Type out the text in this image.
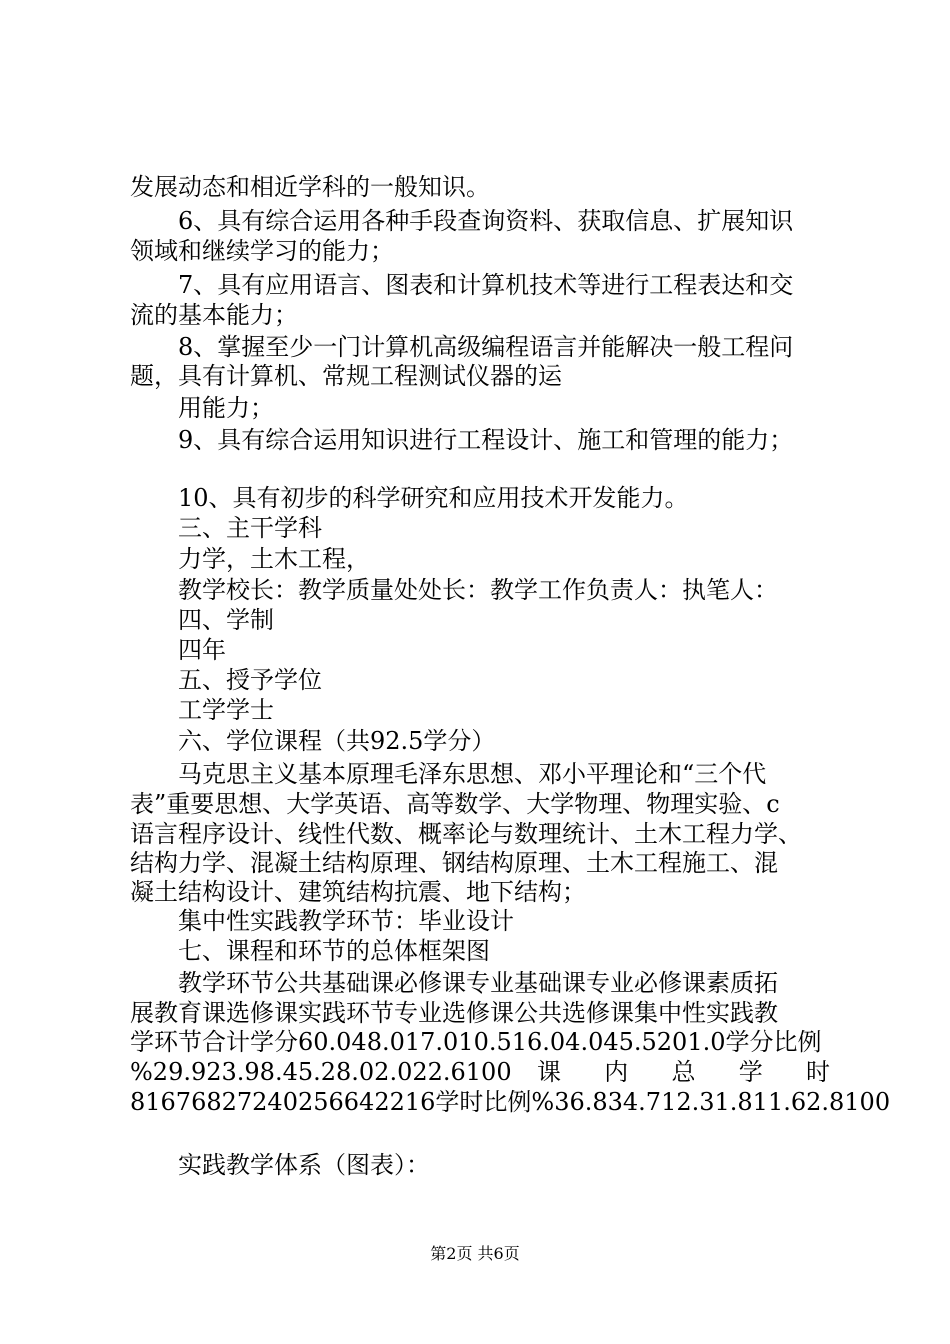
发展动态和相近学科的一般知识。

6、具有综合运用各种手段查询资料、获取信息、扩展知识

领域和继续学习的能力；

7、具有应用语言、图表和计算机技术等进行工程表达和交

流的基本能力；

8、掌握至少一门计算机高级编程语言并能解决一般工程问

题，具有计算机、常规工程测试仪器的运

用能力；

9、具有综合运用知识进行工程设计、施工和管理的能力；

10、具有初步的科学研究和应用技术开发能力。

三、主干学科

力学，土木工程，

教学校长：教学质量处处长：教学工作负责人：执笔人：

四、学制

四年

五、授予学位

工学学士

六、学位课程（共92.5学分）

马克思主义基本原理毛泽东思想、邓小平理论和“三个代

表”重要思想、大学英语、高等数学、大学物理、物理实验、c

语言程序设计、线性代数、概率论与数理统计、土木工程力学、

结构力学、混凝土结构原理、钢结构原理、土木工程施工、混

凝土结构设计、建筑结构抗震、地下结构；

集中性实践教学环节：毕业设计

七、课程和环节的总体框架图

教学环节公共基础课必修课专业基础课专业必修课素质拓

展教育课选修课实践环节专业选修课公共选修课集中性实践教

学环节合计学分60.048.017.010.516.04.045.5201.0学分比例

%29.923.98.45.28.02.022.6100 课 内 总 学 时

8167682724025664221​6学时比例%36.834.712.31.811.62.8100

实践教学体系（图表）：

第2页 共6页
